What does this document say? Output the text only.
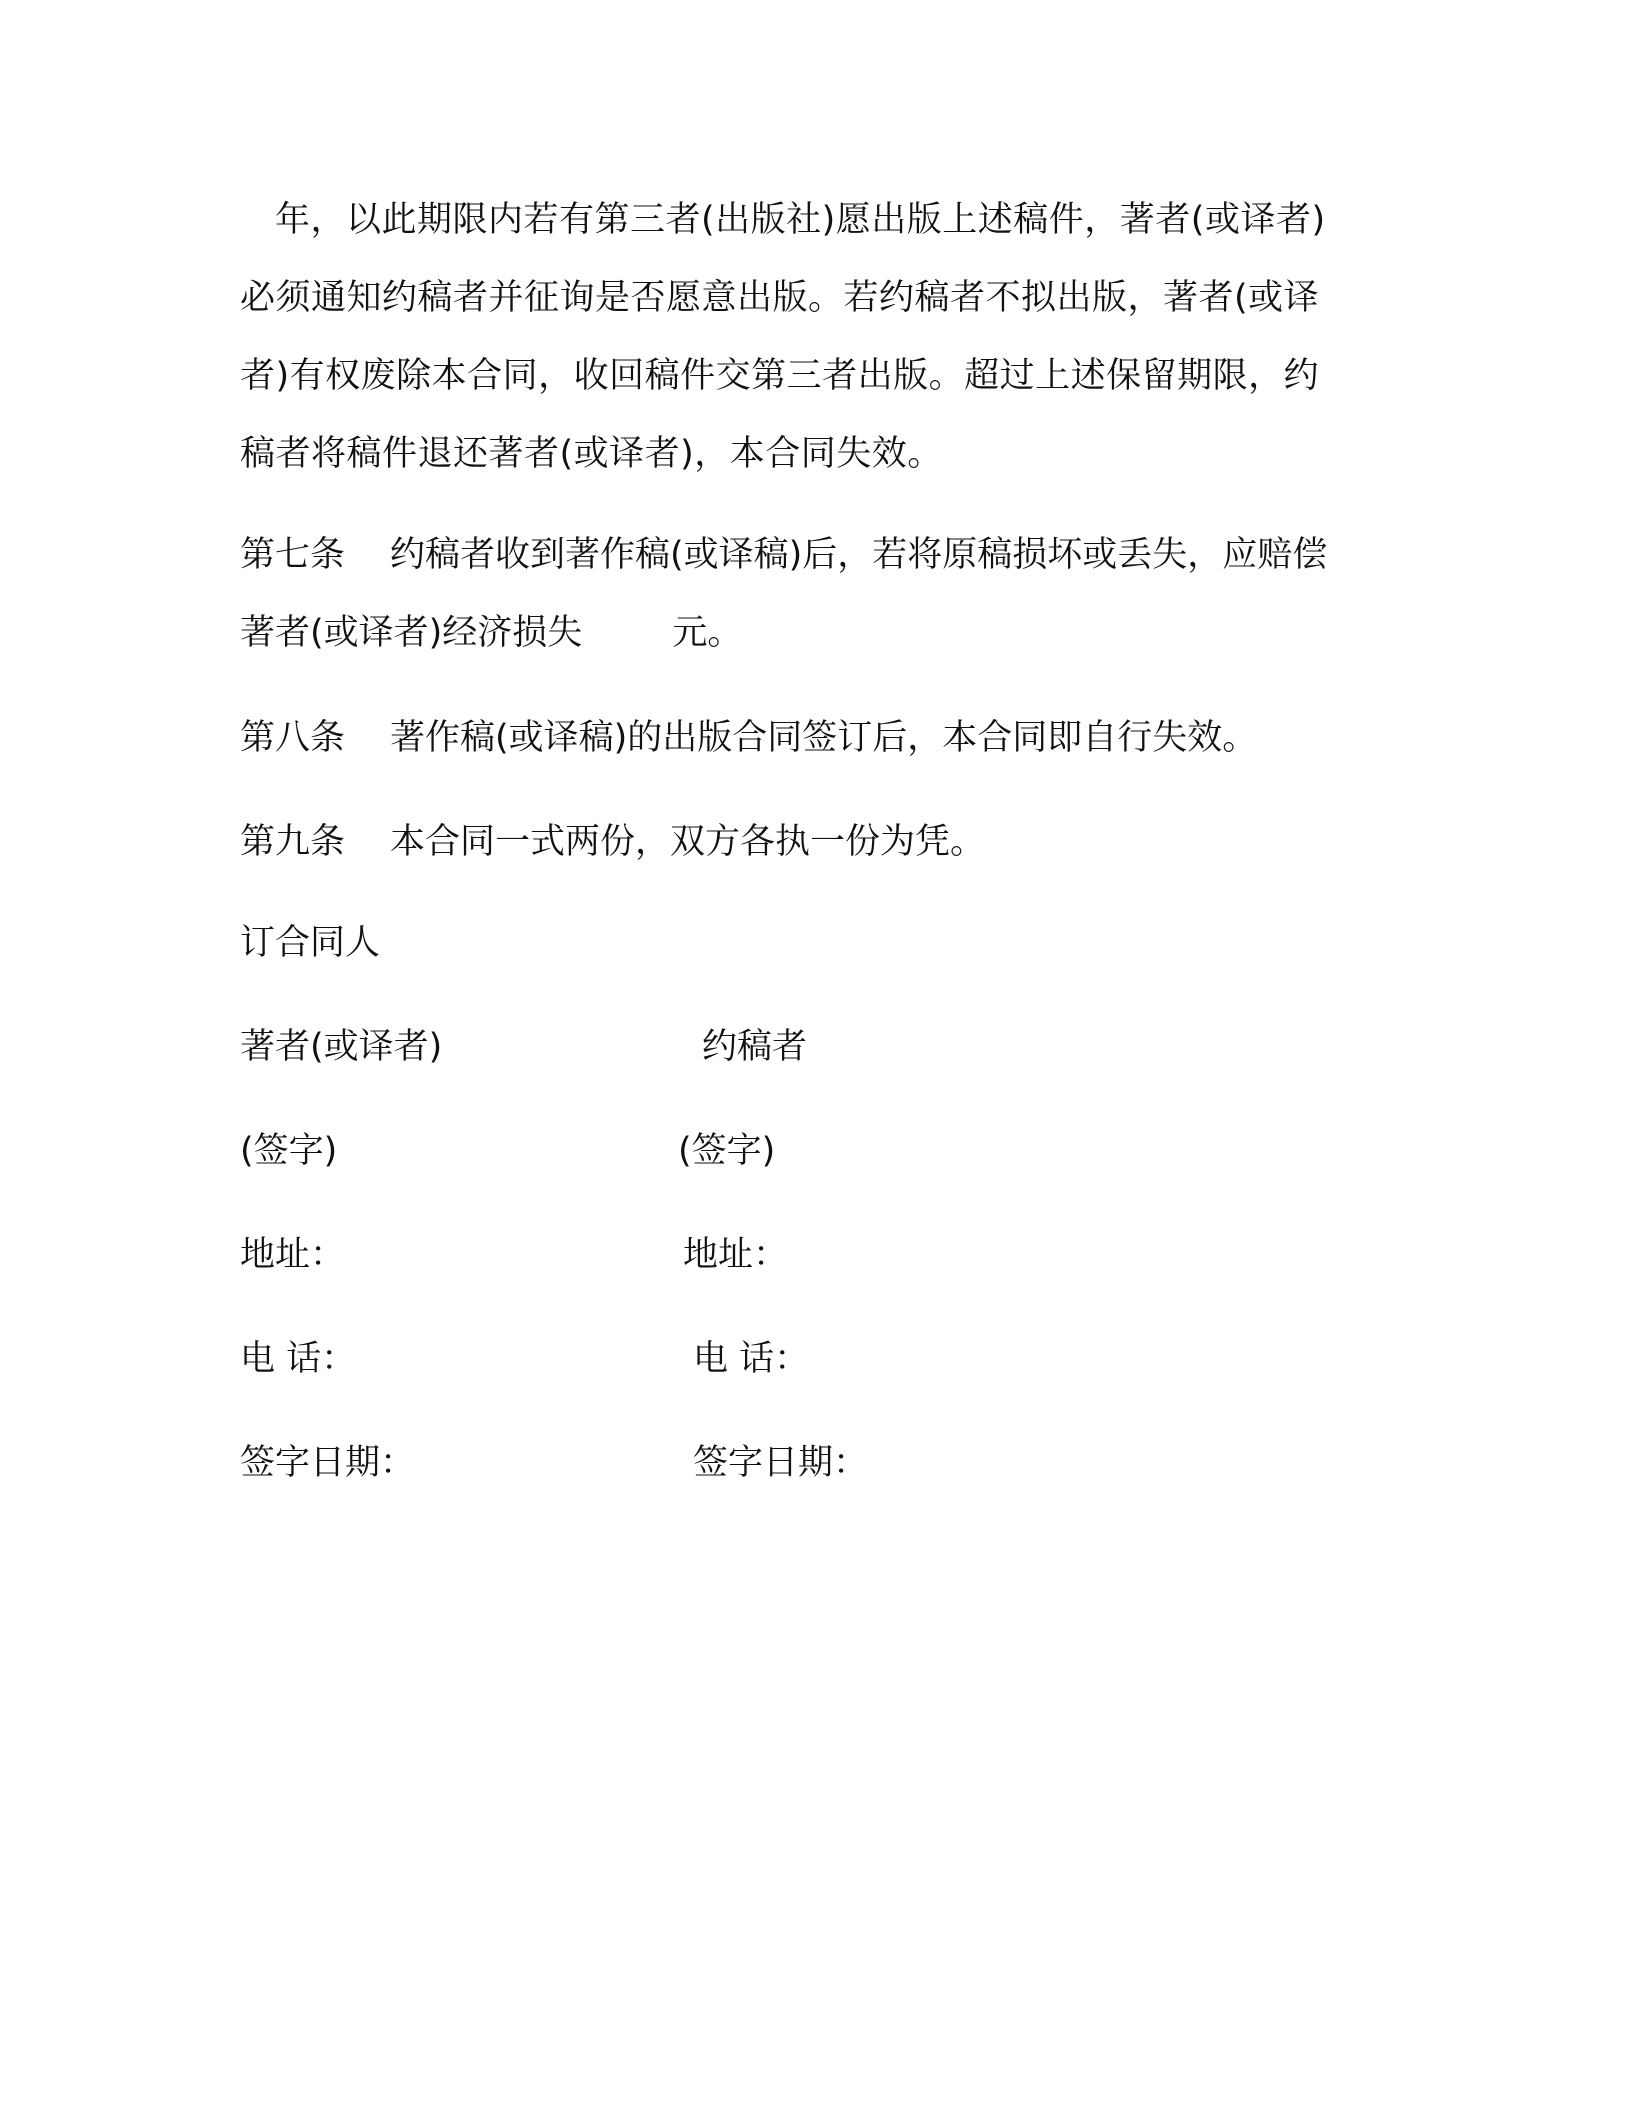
年，以此期限内若有第三者(出版社)愿出版上述稿件，著者(或译者)
必须通知约稿者并征询是否愿意出版。若约稿者不拟出版，著者(或译
者)有权废除本合同，收回稿件交第三者出版。超过上述保留期限，约
稿者将稿件退还著者(或译者)，本合同失效。
第七条 约稿者收到著作稿(或译稿)后，若将原稿损坏或丢失，应赔偿
著者(或译者)经济损失	元。
第八条 著作稿(或译稿)的出版合同签订后，本合同即自行失效。
第九条 本合同一式两份，双方各执一份为凭。
订合同人
著者(或译者)	约稿者
(签字)	(签字)
地址：	地址：
电 话：	电 话：
签字日期：	签字日期：
